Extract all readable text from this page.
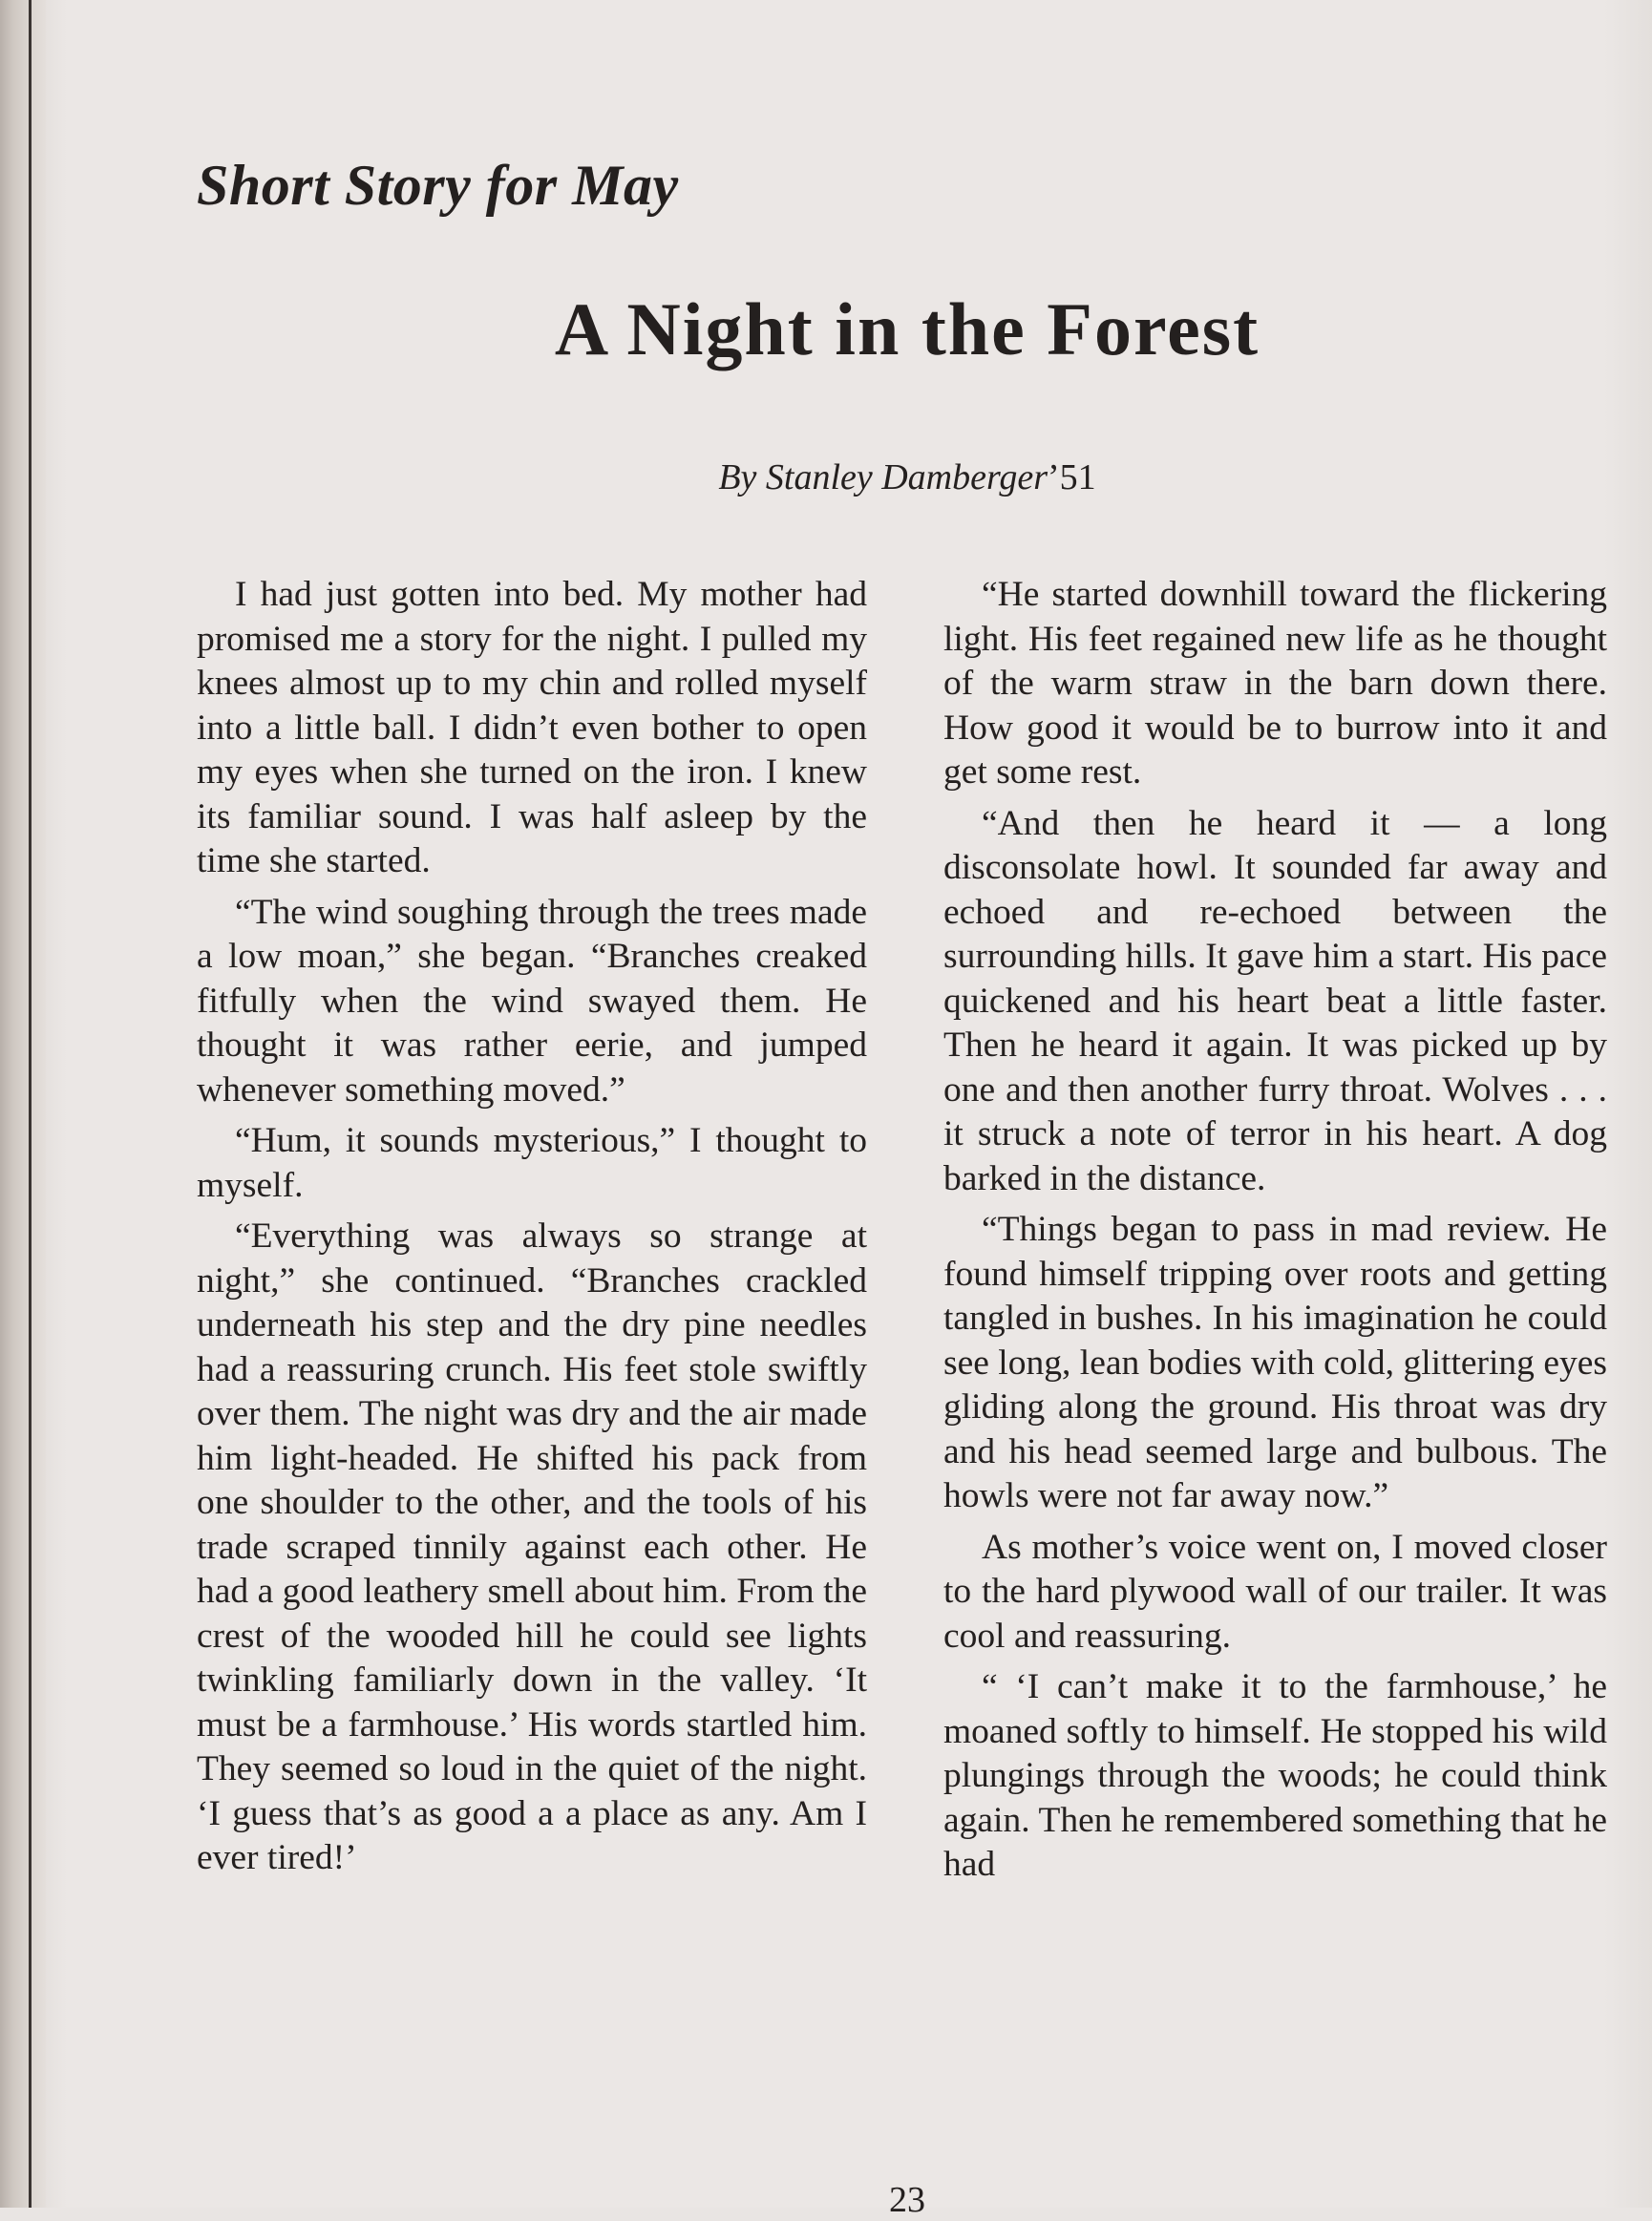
Short Story for May
A Night in the Forest
By Stanley Damberger’51

I had just gotten into bed. My mother had promised me a story for the night. I pulled my knees almost up to my chin and rolled myself into a little ball. I didn’t even bother to open my eyes when she turned on the iron. I knew its familiar sound. I was half asleep by the time she started.

“The wind soughing through the trees made a low moan,” she began. “Branches creaked fitfully when the wind swayed them. He thought it was rather eerie, and jumped whenever something moved.”

“Hum, it sounds mysterious,” I thought to myself.

“Everything was always so strange at night,” she continued. “Branches crackled underneath his step and the dry pine needles had a reassuring crunch. His feet stole swiftly over them. The night was dry and the air made him light-headed. He shifted his pack from one shoulder to the other, and the tools of his trade scraped tinnily against each other. He had a good leathery smell about him. From the crest of the wooded hill he could see lights twinkling familiarly down in the valley. ‘It must be a farmhouse.’ His words startled him. They seemed so loud in the quiet of the night. ‘I guess that’s as good a a place as any. Am I ever tired!’

“He started downhill toward the flickering light. His feet regained new life as he thought of the warm straw in the barn down there. How good it would be to burrow into it and get some rest.

“And then he heard it — a long disconsolate howl. It sounded far away and echoed and re-echoed between the surrounding hills. It gave him a start. His pace quickened and his heart beat a little faster. Then he heard it again. It was picked up by one and then another furry throat. Wolves . . . it struck a note of terror in his heart. A dog barked in the distance.

“Things began to pass in mad review. He found himself tripping over roots and getting tangled in bushes. In his imagination he could see long, lean bodies with cold, glittering eyes gliding along the ground. His throat was dry and his head seemed large and bulbous. The howls were not far away now.”

As mother’s voice went on, I moved closer to the hard plywood wall of our trailer. It was cool and reassuring.

“ ‘I can’t make it to the farmhouse,’ he moaned softly to himself. He stopped his wild plungings through the woods; he could think again. Then he remembered something that he had

23
